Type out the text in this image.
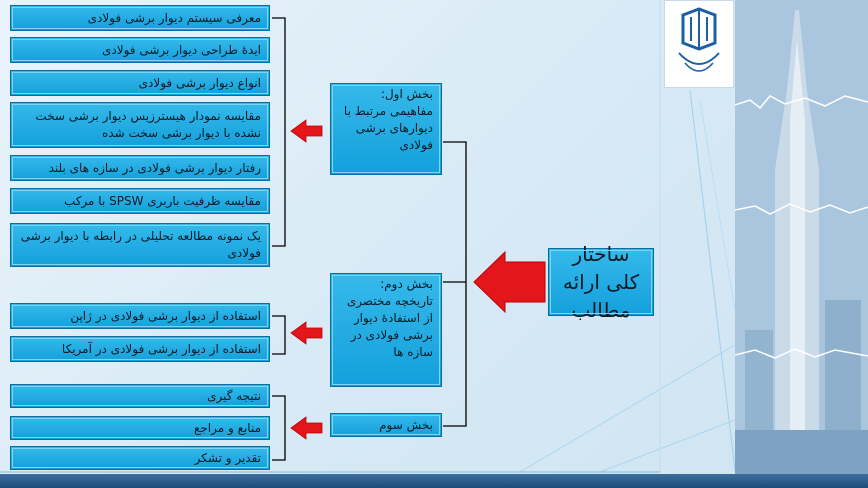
ساختار کلی ارائه مطالب
بخش اول:
مفاهیمی مرتبط با دیوارهای برشی فولادی
بخش دوم:
تاریخچه مختصری از استفادۀ دیوار برشی فولادی در سازه ها
بخش سوم
معرفی سیستم دیوار برشی فولادی
ایدۀ طراحی دیوار برشی فولادی
انواع دیوار برشی فولادی
مقایسه نمودار هیسترزیس دیوار برشی سخت نشده با دیوار برشی سخت شده
رفتار دیوار برشی فولادی در سازه های بلند
مقایسه ظرفیت باربری SPSW با مرکب
یک نمونه مطالعه تحلیلی در رابطه با دیوار برشی فولادی
استفاده از دیوار برشی فولادی در ژاپن
استفاده از دیوار برشی فولادی در آمریکا
نتیجه گیری
منابع و مراجع
تقدیر و تشکر
